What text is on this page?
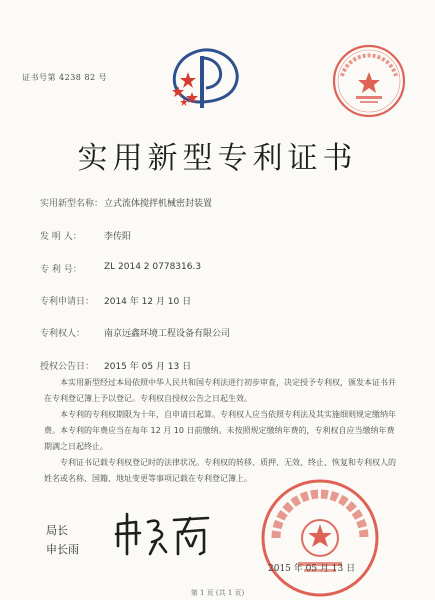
证书号第 4238 82 号
实用新型专利证书
实用新型名称： 立式流体搅拌机械密封装置
发 明 人： 李传阳
专 利 号： ZL 2014 2 0778316.3
专利申请日： 2014 年 12 月 10 日
专利权人： 南京远鑫环境工程设备有限公司
授权公告日： 2015 年 05 月 13 日

本实用新型经过本局依照中华人民共和国专利法进行初步审查，决定授予专利权，颁发本证书并在专利登记簿上予以登记。专利权自授权公告之日起生效。

本专利的专利权期限为十年，自申请日起算。专利权人应当依照专利法及其实施细则规定缴纳年费。本专利的年费应当在每年 12 月 10 日前缴纳。未按照规定缴纳年费的，专利权自应当缴纳年费期满之日起终止。

专利证书记载专利权登记时的法律状况。专利权的转移、质押、无效、终止、恢复和专利权人的姓名或名称、国籍、地址变更等事项记载在专利登记簿上。

局长
申长雨
2015 年 05 月 13 日
第 1 页 (共 1 页)
